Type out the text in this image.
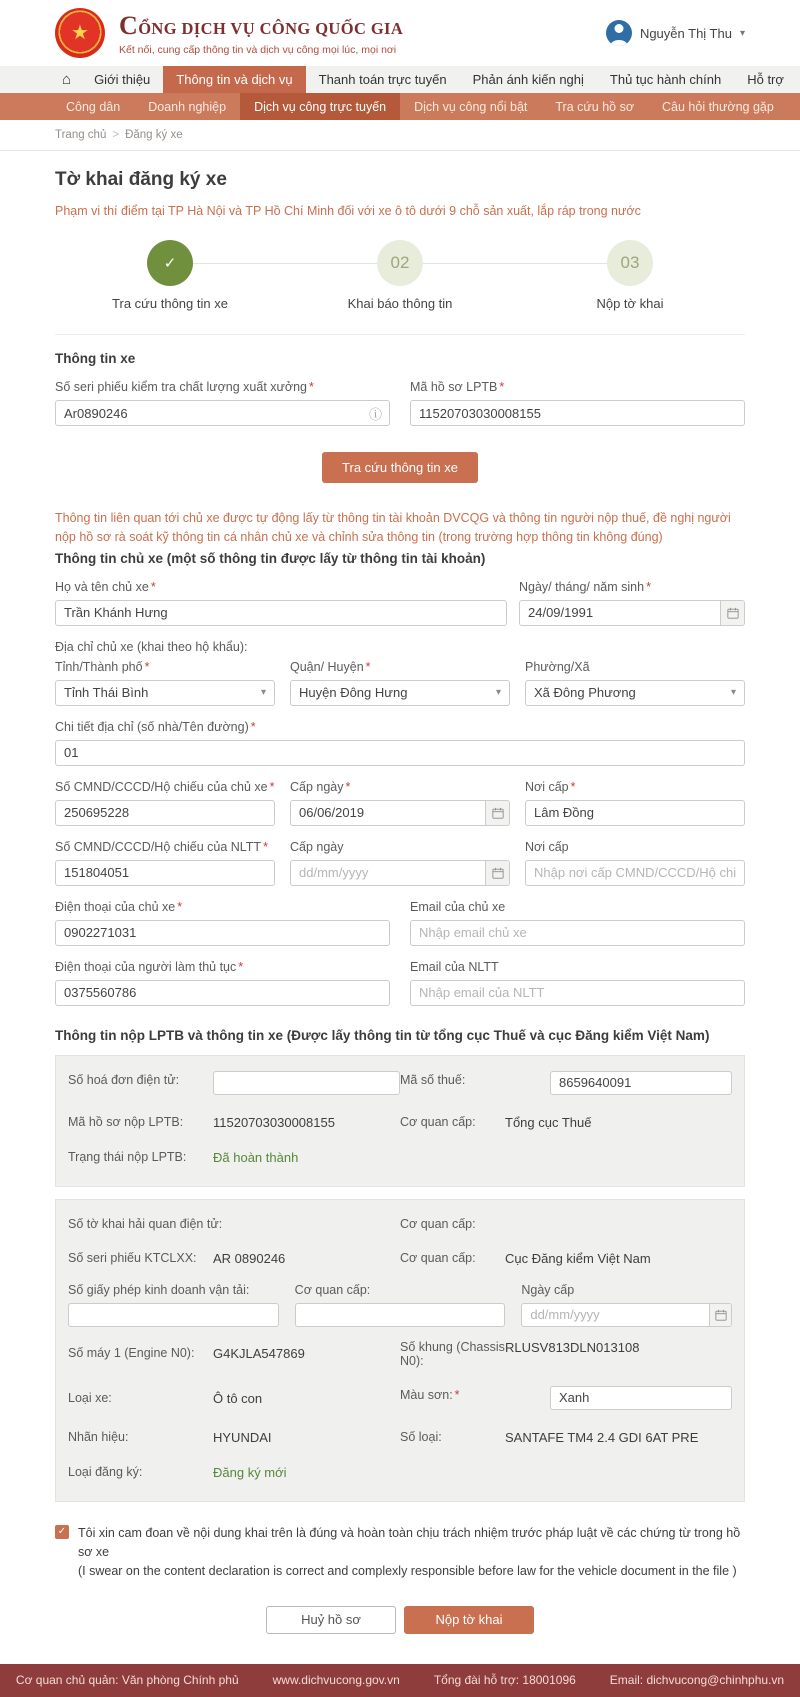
★ CỔNG DỊCH VỤ CÔNG QUỐC GIA
Kết nối, cung cấp thông tin và dịch vụ công mọi lúc, mọi nơi
Nguyễn Thị Thu ▾
⌂	Giới thiệu	Thông tin và dịch vụ	Thanh toán trực tuyến	Phản ánh kiến nghị	Thủ tục hành chính	Hỗ trợ
Công dân	Doanh nghiệp	Dịch vụ công trực tuyến	Dịch vụ công nổi bật	Tra cứu hồ sơ	Câu hỏi thường gặp
Trang chủ > Đăng ký xe
Tờ khai đăng ký xe
Phạm vi thí điểm tại TP Hà Nội và TP Hồ Chí Minh đối với xe ô tô dưới 9 chỗ sản xuất, lắp ráp trong nước
✓
Tra cứu thông tin xe
02
Khai báo thông tin
03
Nộp tờ khai
Thông tin xe
Số seri phiếu kiểm tra chất lượng xuất xưởng *
Ar0890246
ⓘ
Mã hồ sơ LPTB *
11520703030008155
Tra cứu thông tin xe
Thông tin liên quan tới chủ xe được tự động lấy từ thông tin tài khoản DVCQG và thông tin người nộp thuế, đề nghị người nộp hồ sơ rà soát kỹ thông tin cá nhân chủ xe và chỉnh sửa thông tin (trong trường hợp thông tin không đúng)
Thông tin chủ xe (một số thông tin được lấy từ thông tin tài khoản)
Họ và tên chủ xe *
Trần Khánh Hưng	Ngày/ tháng/ năm sinh *
24/09/1991
Địa chỉ chủ xe (khai theo hộ khẩu):
Tỉnh/Thành phố *
Tỉnh Thái Bình
▾
Quận/ Huyện *
Huyện Đông Hưng
▾
Phường/Xã
Xã Đông Phương
▾
Chi tiết địa chỉ (số nhà/Tên đường) *
01
Số CMND/CCCD/Hộ chiếu của chủ xe *
250695228 Cấp ngày *
06/06/2019	Nơi cấp *
Lâm Đồng
Số CMND/CCCD/Hộ chiếu của NLTT *
151804051	Cấp ngày
dd/mm/yyyy	Nơi cấp
Nhập nơi cấp CMND/CCCD/Hộ chiếu
Điện thoại của chủ xe *
0902271031	Email của chủ xe
Nhập email chủ xe
Điện thoại của người làm thủ tục *
0375560786	Email của NLTT
Nhập email của NLTT
Thông tin nộp LPTB và thông tin xe (Được lấy thông tin từ tổng cục Thuế và cục Đăng kiểm Việt Nam)
Số hoá đơn điện tử:	Mã số thuế:
8659640091
Mã hồ sơ nộp LPTB:	11520703030008155	Cơ quan cấp:	Tổng cục Thuế
Trạng thái nộp LPTB:	Đã hoàn thành
Số tờ khai hải quan điện tử:	Cơ quan cấp:
Số seri phiếu KTCLXX:	AR 0890246	Cơ quan cấp:	Cục Đăng kiểm Việt Nam
Số giấy phép kinh doanh vận tải:	Cơ quan cấp:	Ngày cấp
dd/mm/yyyy
Số máy 1 (Engine N0):	G4KJLA547869	Số khung (Chassis N0):
RLUSV813DLN013108
Loại xe:	Ô tô con	Màu sơn: *
Xanh
Nhãn hiệu:	HYUNDAI	Số loại:	SANTAFE TM4 2.4 GDI 6AT PRE
Loại đăng ký:	Đăng ký mới
✓ Tôi xin cam đoan về nội dung khai trên là đúng và hoàn toàn chịu trách nhiệm trước pháp luật về các chứng từ trong hồ sơ xe
(I swear on the content declaration is correct and complexly responsible before law for the vehicle document in the file )
Huỷ hồ sơ	Nộp tờ khai
Cơ quan chủ quản: Văn phòng Chính phủ	www.dichvucong.gov.vn	Tổng đài hỗ trợ: 18001096	Email: dichvucong@chinhphu.vn
